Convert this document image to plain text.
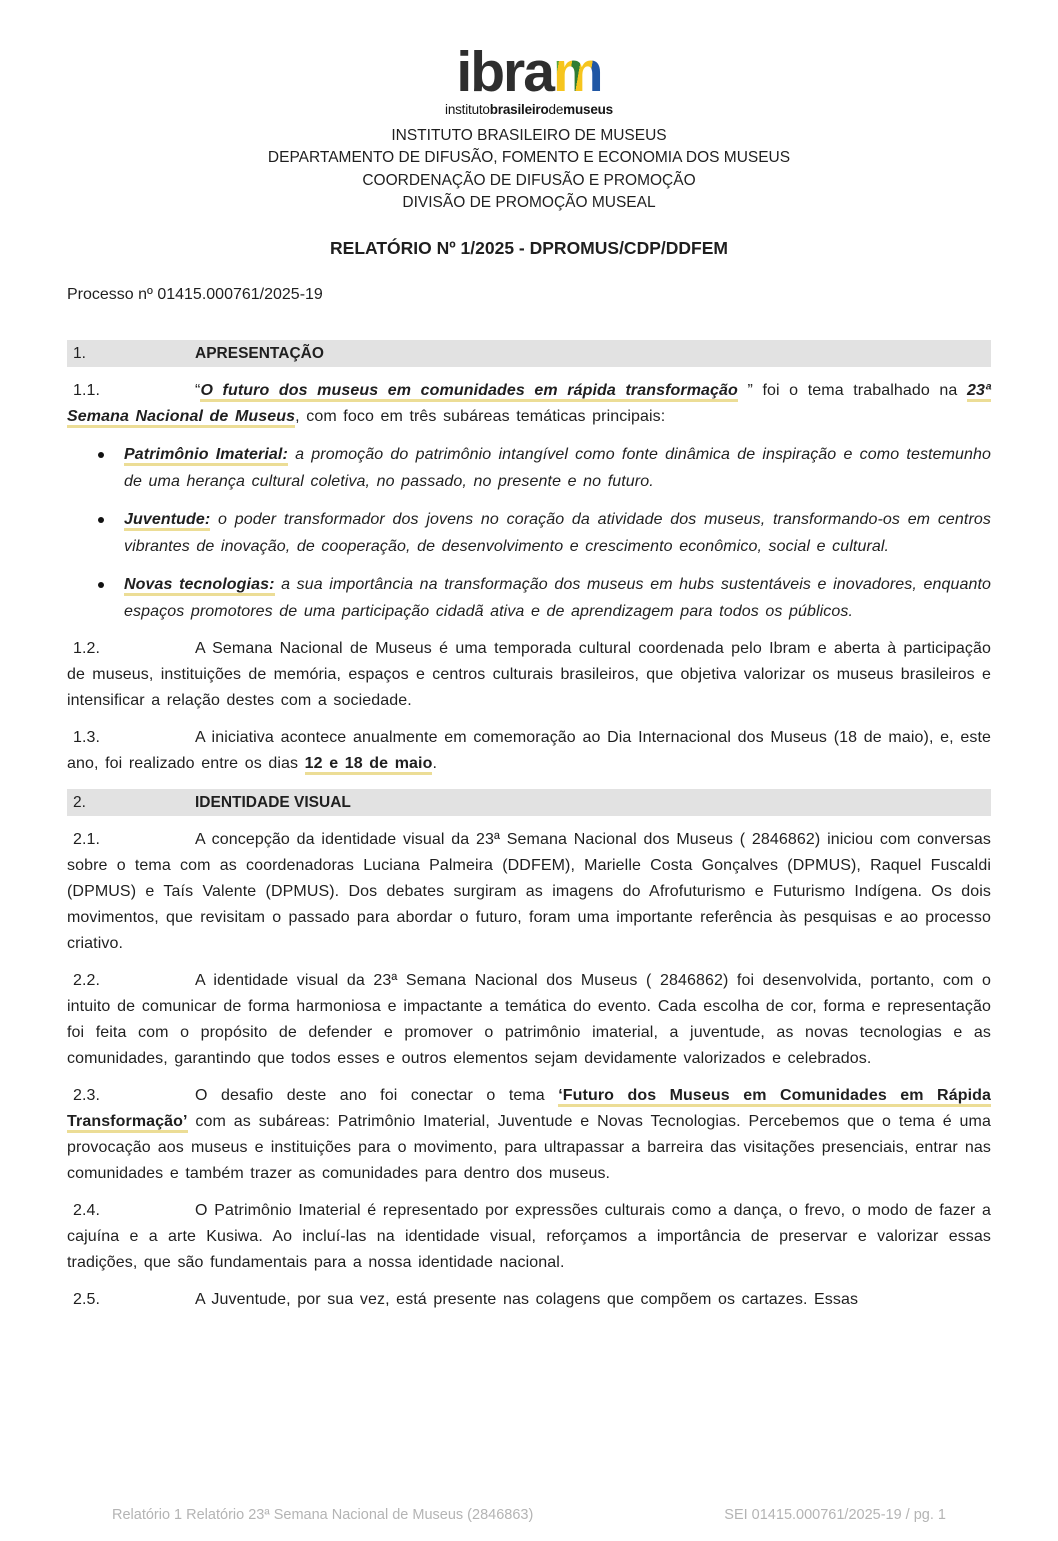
ibram
institutobrasileirodemuseus
INSTITUTO BRASILEIRO DE MUSEUS
DEPARTAMENTO DE DIFUSÃO, FOMENTO E ECONOMIA DOS MUSEUS
COORDENAÇÃO DE DIFUSÃO E PROMOÇÃO
DIVISÃO DE PROMOÇÃO MUSEAL
RELATÓRIO Nº 1/2025 - DPROMUS/CDP/DDFEM
Processo nº 01415.000761/2025-19
1.	APRESENTAÇÃO

1.1.	“O futuro dos museus em comunidades em rápida transformação ” foi o tema trabalhado na 23ª Semana Nacional de Museus, com foco em três subáreas temáticas principais:

Patrimônio Imaterial: a promoção do patrimônio intangível como fonte dinâmica de inspiração e como testemunho de uma herança cultural coletiva, no passado, no presente e no futuro.
Juventude: o poder transformador dos jovens no coração da atividade dos museus, transformando-os em centros vibrantes de inovação, de cooperação, de desenvolvimento e crescimento econômico, social e cultural.
Novas tecnologias: a sua importância na transformação dos museus em hubs sustentáveis e inovadores, enquanto espaços promotores de uma participação cidadã ativa e de aprendizagem para todos os públicos.

1.2.	A Semana Nacional de Museus é uma temporada cultural coordenada pelo Ibram e aberta à participação de museus, instituições de memória, espaços e centros culturais brasileiros, que objetiva valorizar os museus brasileiros e intensificar a relação destes com a sociedade.

1.3.	A iniciativa acontece anualmente em comemoração ao Dia Internacional dos Museus (18 de maio), e, este ano, foi realizado entre os dias 12 e 18 de maio.

2.	IDENTIDADE VISUAL

2.1.	A concepção da identidade visual da 23ª Semana Nacional dos Museus ( 2846862) iniciou com conversas sobre o tema com as coordenadoras Luciana Palmeira (DDFEM), Marielle Costa Gonçalves (DPMUS), Raquel Fuscaldi (DPMUS) e Taís Valente (DPMUS). Dos debates surgiram as imagens do Afrofuturismo e Futurismo Indígena. Os dois movimentos, que revisitam o passado para abordar o futuro, foram uma importante referência às pesquisas e ao processo criativo.

2.2.	A identidade visual da 23ª Semana Nacional dos Museus ( 2846862) foi desenvolvida, portanto, com o intuito de comunicar de forma harmoniosa e impactante a temática do evento. Cada escolha de cor, forma e representação foi feita com o propósito de defender e promover o patrimônio imaterial, a juventude, as novas tecnologias e as comunidades, garantindo que todos esses e outros elementos sejam devidamente valorizados e celebrados.

2.3.	O desafio deste ano foi conectar o tema ‘Futuro dos Museus em Comunidades em Rápida Transformação’ com as subáreas: Patrimônio Imaterial, Juventude e Novas Tecnologias. Percebemos que o tema é uma provocação aos museus e instituições para o movimento, para ultrapassar a barreira das visitações presenciais, entrar nas comunidades e também trazer as comunidades para dentro dos museus.

2.4.	O Patrimônio Imaterial é representado por expressões culturais como a dança, o frevo, o modo de fazer a cajuína e a arte Kusiwa. Ao incluí-las na identidade visual, reforçamos a importância de preservar e valorizar essas tradições, que são fundamentais para a nossa identidade nacional.

2.5.	A Juventude, por sua vez, está presente nas colagens que compõem os cartazes. Essas

Relatório 1 Relatório 23ª Semana Nacional de Museus (2846863)	SEI 01415.000761/2025-19 / pg. 1
